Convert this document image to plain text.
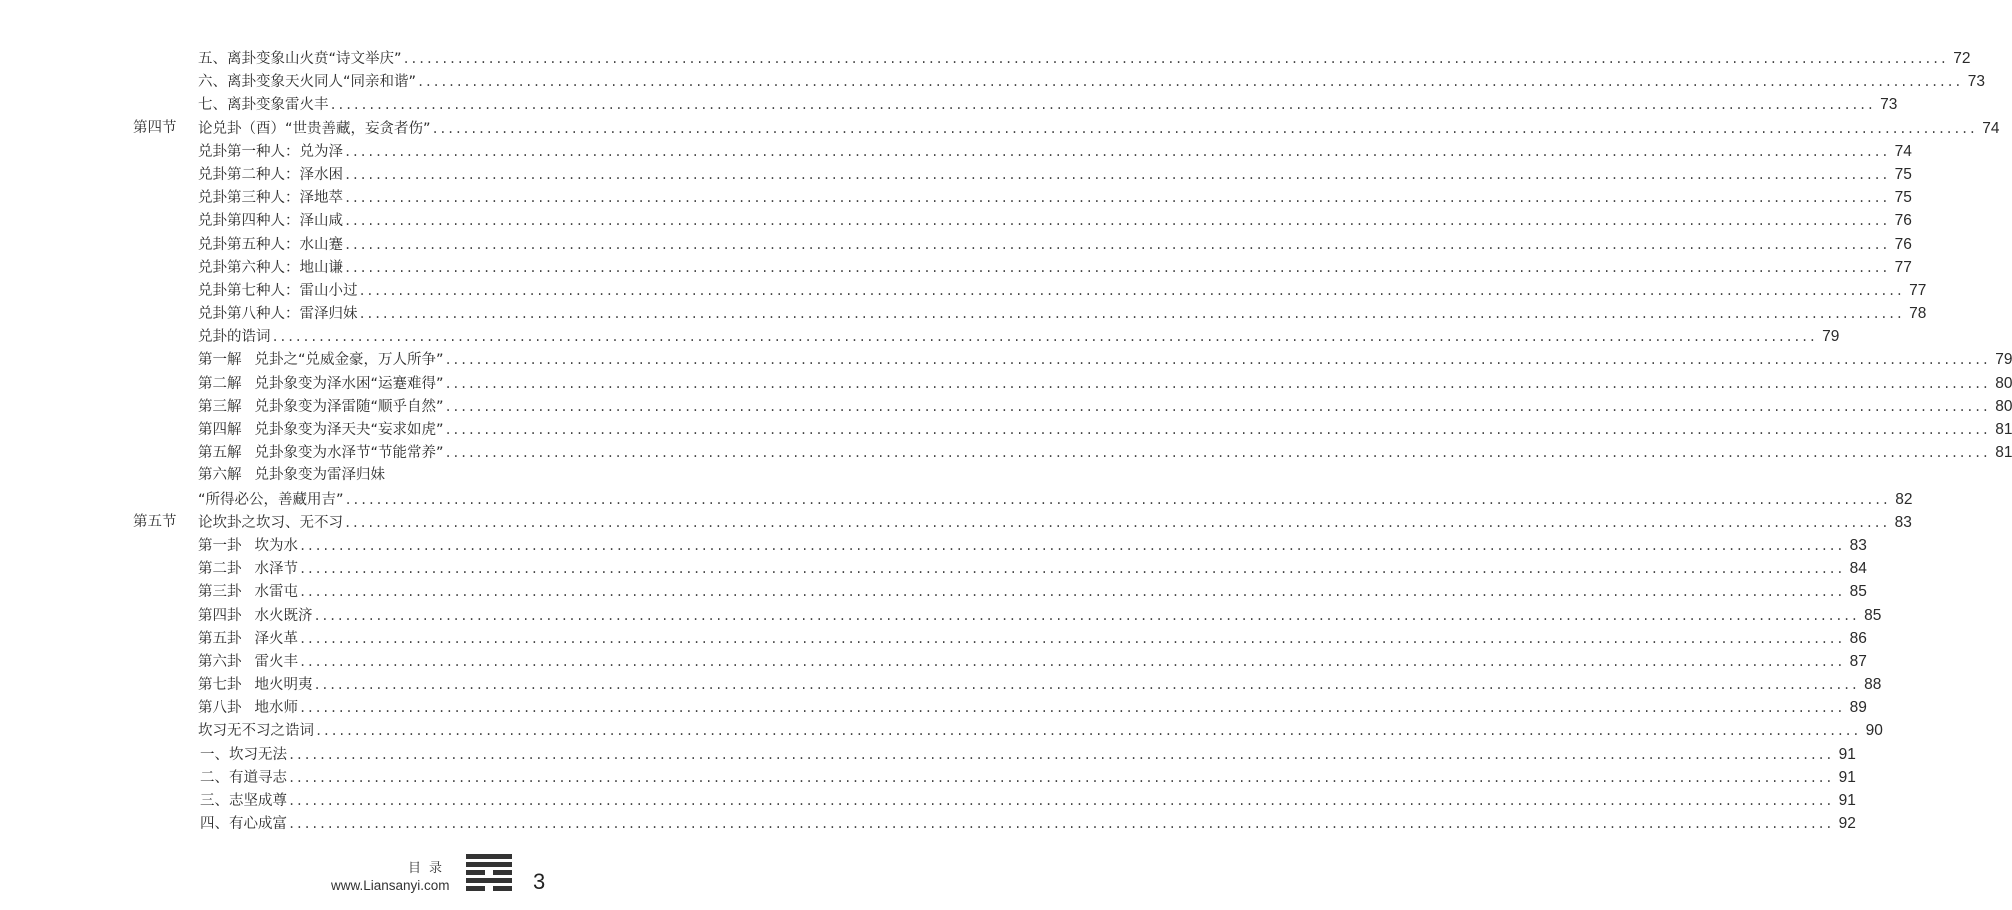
五、离卦变象山火贲“诗文举庆” ........................................................................................................................................................................................................ 72
六、离卦变象天火同人“同亲和谐” ........................................................................................................................................................................................................ 73
七、离卦变象雷火丰 ........................................................................................................................................................................................................ 73
第四节 论兑卦（酉）“世贵善藏，妄贪者伤” ........................................................................................................................................................................................................ 74
兑卦第一种人：兑为泽 ........................................................................................................................................................................................................ 74
兑卦第二种人：泽水困 ........................................................................................................................................................................................................ 75
兑卦第三种人：泽地萃 ........................................................................................................................................................................................................ 75
兑卦第四种人：泽山咸 ........................................................................................................................................................................................................ 76
兑卦第五种人：水山蹇 ........................................................................................................................................................................................................ 76
兑卦第六种人：地山谦 ........................................................................................................................................................................................................ 77
兑卦第七种人：雷山小过 ........................................................................................................................................................................................................ 77
兑卦第八种人：雷泽归妹 ........................................................................................................................................................................................................ 78
兑卦的诰词 ........................................................................................................................................................................................................ 79
第一解 兑卦之“兑威金豪，万人所争” ........................................................................................................................................................................................................ 79
第二解 兑卦象变为泽水困“运蹇难得” ........................................................................................................................................................................................................ 80
第三解 兑卦象变为泽雷随“顺乎自然” ........................................................................................................................................................................................................ 80
第四解 兑卦象变为泽天夬“妄求如虎” ........................................................................................................................................................................................................ 81
第五解 兑卦象变为水泽节“节能常养” ........................................................................................................................................................................................................ 81
第六解 兑卦象变为雷泽归妹
“所得必公，善藏用吉” ........................................................................................................................................................................................................ 82
第五节 论坎卦之坎习、无不习 ........................................................................................................................................................................................................ 83
第一卦 坎为水 ........................................................................................................................................................................................................ 83
第二卦 水泽节 ........................................................................................................................................................................................................ 84
第三卦 水雷屯 ........................................................................................................................................................................................................ 85
第四卦 水火既济 ........................................................................................................................................................................................................ 85
第五卦 泽火革 ........................................................................................................................................................................................................ 86
第六卦 雷火丰 ........................................................................................................................................................................................................ 87
第七卦 地火明夷 ........................................................................................................................................................................................................ 88
第八卦 地水师 ........................................................................................................................................................................................................ 89
坎习无不习之诰词 ........................................................................................................................................................................................................ 90
一、坎习无法 ........................................................................................................................................................................................................ 91
二、有道寻志 ........................................................................................................................................................................................................ 91
三、志坚成尊 ........................................................................................................................................................................................................ 91
四、有心成富 ........................................................................................................................................................................................................ 92
目录
www.Liansanyi.com	3
